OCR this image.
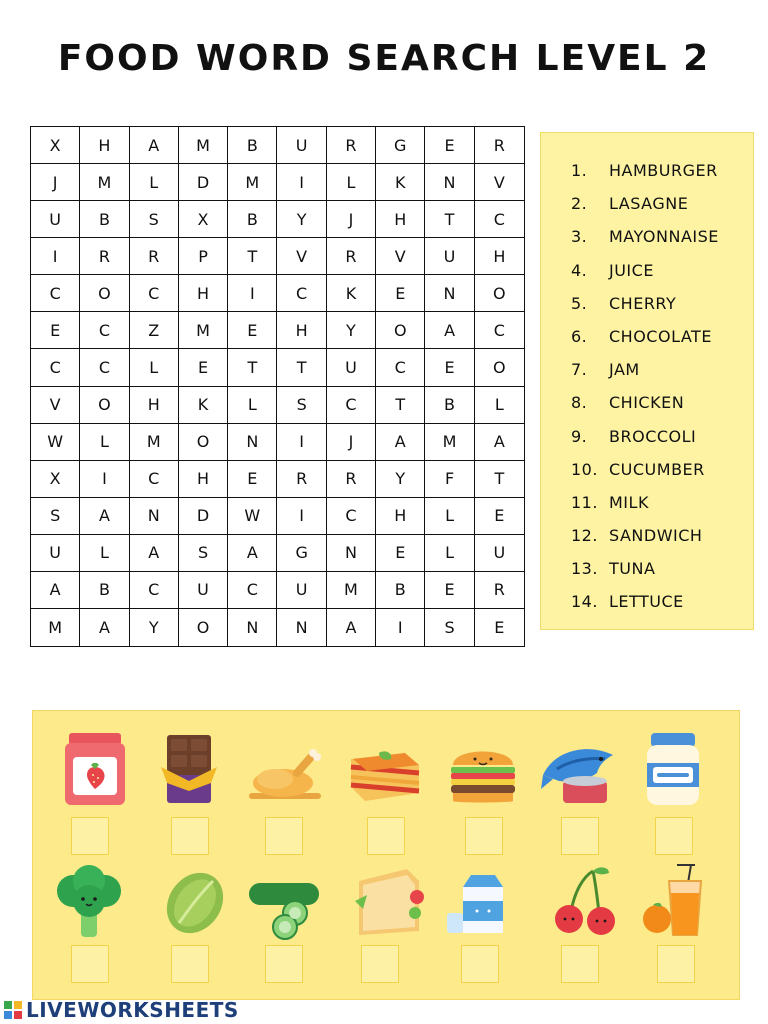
FOOD WORD SEARCH LEVEL 2
X	H	A	M	B	U	R	G	E	R
J	M	L	D	M	I	L	K	N	V
U	B	S	X	B	Y	J	H	T	C
I	R	R	P	T	V	R	V	U	H
C	O	C	H	I	C	K	E	N	O
E	C	Z	M	E	H	Y	O	A	C
C	C	L	E	T	T	U	C	E	O
V	O	H	K	L	S	C	T	B	L
W	L	M	O	N	I	J	A	M	A
X	I	C	H	E	R	R	Y	F	T
S	A	N	D	W	I	C	H	L	E
U	L	A	S	A	G	N	E	L	U
A	B	C	U	C	U	M	B	E	R
M	A	Y	O	N	N	A	I	S	E
1.	HAMBURGER
2.	LASAGNE
3.	MAYONNAISE
4.	JUICE
5.	CHERRY
6.	CHOCOLATE
7.	JAM
8.	CHICKEN
9.	BROCCOLI
10. CUCUMBER
11. MILK
12. SANDWICH
13. TUNA
14. LETTUCE
LIVEWORKSHEETS
